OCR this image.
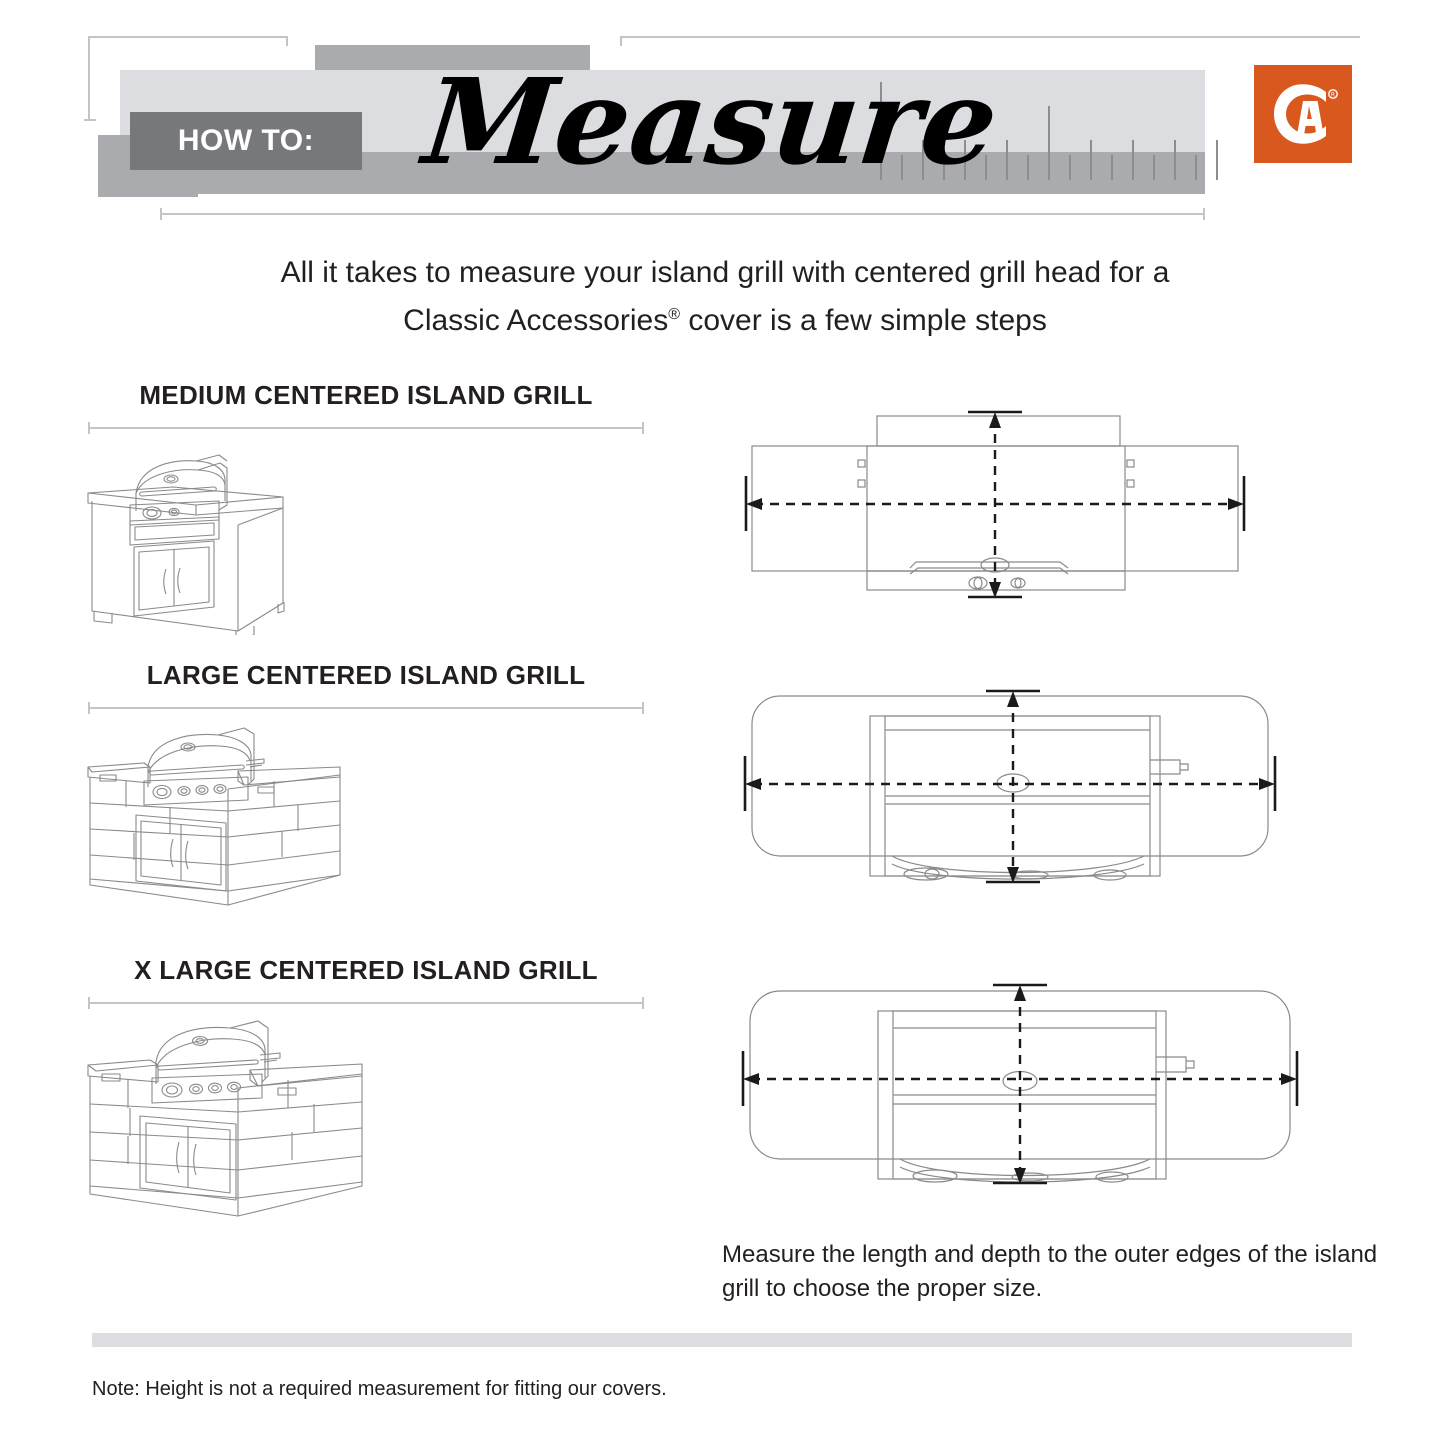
HOW TO: Measure	R
All it takes to measure your island grill with centered grill head for a
Classic Accessories® cover is a few simple steps
MEDIUM CENTERED ISLAND GRILL
LARGE CENTERED ISLAND GRILL
X LARGE CENTERED ISLAND GRILL
Measure the length and depth to the outer edges of the island grill to choose the proper size.
Note: Height is not a required measurement for fitting our covers.
